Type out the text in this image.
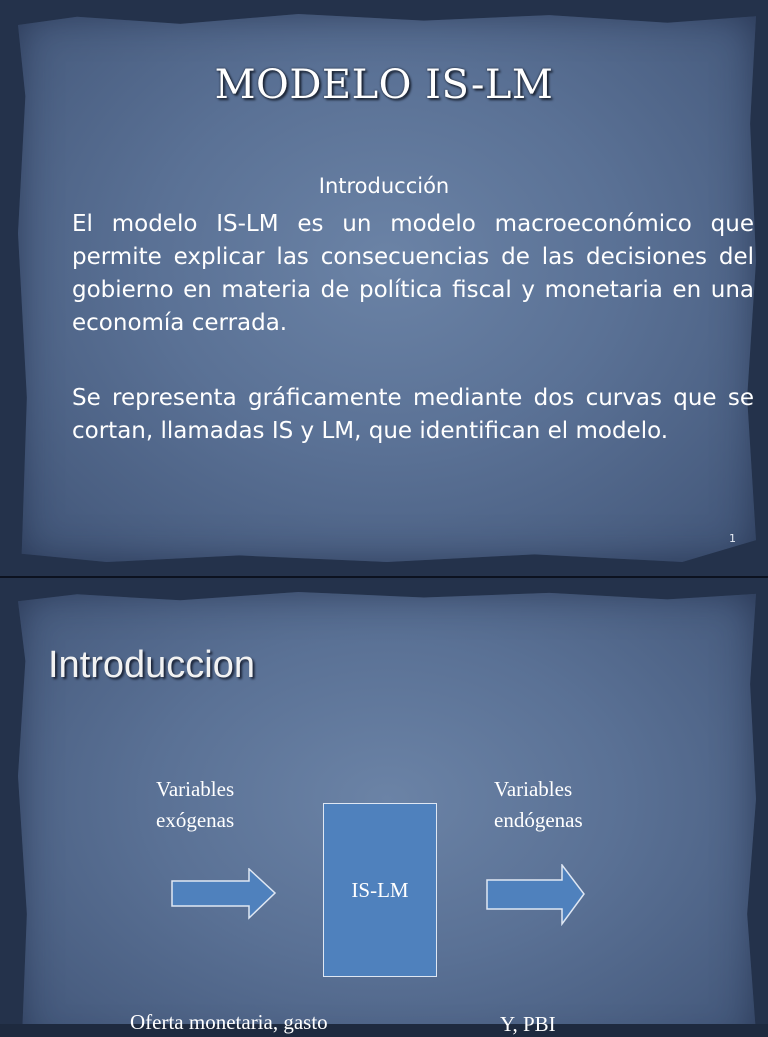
MODELO IS-LM
Introducción
El modelo IS-LM es un modelo macroeconómico que permite explicar las consecuencias de las decisiones del gobierno en materia de política fiscal y monetaria en una economía cerrada.
Se representa gráficamente mediante dos curvas que se cortan, llamadas IS y LM, que identifican el modelo.
1
Introduccion
Variables
exógenas
Variables
endógenas
IS-LM
Oferta monetaria, gasto	Y, PBI
